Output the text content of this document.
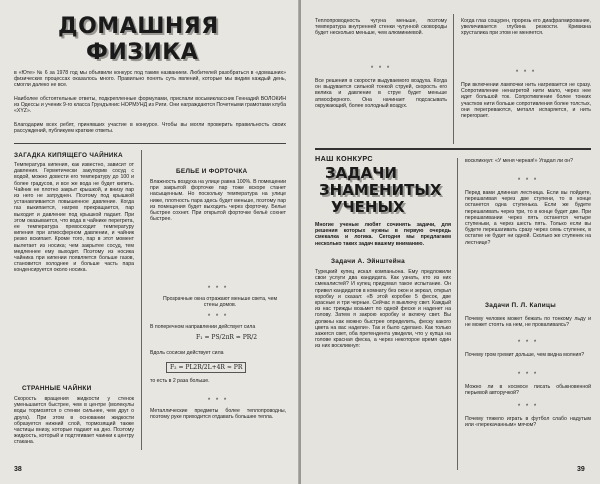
ДОМАШНЯЯ
ФИЗИКА
в «Юте» № 6 за 1978 год мы объявили конкурс под таким названием. Любителей разобраться в «домашних» физических процессах оказалось много. Правильно понять суть явлений, которые мы видим каждый день, смогли далеко не все.
Наиболее обстоятельные ответы, подкрепленные формулами, прислали восьмиклассник Геннадий ВОЛОКИН из Одессы и ученик 9-го класса Грундъянис НОРМУНД из Риги. Они награждаются Почетными грамотами клуба «XYZ».
Благодарим всех ребят, принявших участие в конкурсе. Чтобы вы могли проверить правильность своих рассуждений, публикуем краткие ответы.
ЗАГАДКА КИПЯЩЕГО ЧАЙНИКА
Температура кипения, как известно, зависит от давления. Герметически закупорив сосуд с водой, можно довести его температуру до 100 и более градусов, и все же вода не будет кипеть. Чайник не плотно закрыт крышкой, и внизу пар из него не затруднен. Поэтому под крышкой устанавливается повышенное давление. Когда газ выкипается, нагрев прекращается, пар выходит и давление под крышкой падает. При этом оказывается, что вода в чайнике перегрета, ее температура превосходит температуру кипения при атмосферном давлении, и чайник резко вскипает. Кроме того, пар в этот момент вылетает из носика; чем закрытее сосуд, тем медленнее ему выходит. Поэтому из носика чайника при кипении появляется больше газов, становится холоднее и больше часть пара конденсируется около носика.
СТРАННЫЕ ЧАЙНКИ
Скорость вращения жидкости у стенок уменьшается быстрее, чем в центре (молекулы воды тормозятся о стенки сильнее, чем друг о друга). При этом в основании жидкости образуется нижний слой, тормозящий также частицы внизу, которые падают на дно. Поэтому жидкость, который и подтягивает чаинки к центру стакана.
БЕЛЬЕ И ФОРТОЧКА
Влажность воздуха на улице равна 100%. В помещении при закрытой форточке пар тоже вскоре станет насыщенным. Но поскольку температура на улице ниже, плотность пара здесь будет меньше, поэтому пар из помещения будет выходить через форточку. Белье быстрее сохнет. При открытой форточке бельё сохнет быстрее.
* * *
Прозрачные окна отражают меньше света, чем стены домов.
* * *
В поперечном направлении действует сила
F₁ = PS/2πR = PR/2
Вдоль сосиски действует сила
F₂ = PL2R/2L+4R ≈ PR
то есть в 2 раза больше.
* * *
Металлические предметы более теплопроводны, поэтому руке приходится отдавать большее тепла.
38
Теплопроводность чугуна меньше, поэтому температура внутренней стенки чугунной сковороды будет несколько меньше, чем алюминиевой.
* * *
Все решения в скорости выдуваемого воздуха. Когда он выдувается сильной тонкой струей, скорость его велика и давление в струе будет меньше атмосферного. Она начинает подсасывать окружающий, более холодный воздух.
Когда глаз сощурен, прорезь его диафрагмирование, увеличивается глубина резкости. Кривизна хрусталика при этом не меняется.
* * *
При включении лампочки нить нагревается не сразу. Сопротивление ненагретой нити мало, через нее идет большой ток. Сопротивление более тонких участков нити больше сопротивления более толстых, они перегреваются, металл испаряется, и нить перегорает.
НАШ КОНКУРС
ЗАДАЧИ
ЗНАМЕНИТЫХ
УЧЕНЫХ
Многие ученые любят сочинять задачи, для решения которых нужны в первую очередь смекалка и логика. Сегодня мы предлагаем несколько таких задач вашему вниманию.
Задачи А. Эйнштейна
Турецкий купец искал компаньона. Ему предложили свои услуги два кандидата. Как узнать, кто из них смекалистей? И купец придумал такое испытание. Он привел кандидатов в комнату без окон и зеркал, открыл коробку и сказал: «В этой коробке 5 фесок, две красные и три черные. Сейчас я выключу свет. Каждый из нас трижды возьмет по одной феске и наденет на голову. Затем я закрою коробку и включу свет. Вы должны как можно быстрее определить, феску какого цвета на вас надели». Так и было сделано. Как только зажегся свет, оба претендента увидели, что у купца на голове красная феска, а через некоторое время один из них воскликнул:
воскликнул: «У меня черная!» Угадал ли он?
* * *
Перед вами длинная лестница. Если вы пойдете, перешагивая через две ступени, то в конце останется одна ступенька. Если же будете перешагивать через три, то в конце будет две. При перешагивании через пять останется четыре ступеньки, а через шесть пять. Только если вы будете перешагивать сразу через семь ступенек, в остатке не будет ни одной. Сколько же ступенек на лестнице?
Задачи П. Л. Капицы
Почему человек может бежать по тонкому льду и не может стоять на нем, не проваливаясь?
* * *
Почему гром гремит дольше, чем видна молния?
* * *
Можно ли в космосе писать обыкновенной перьевой авторучкой?
* * *
Почему тяжело играть в футбол слабо надутым или «перекачанным» мячом?
39
